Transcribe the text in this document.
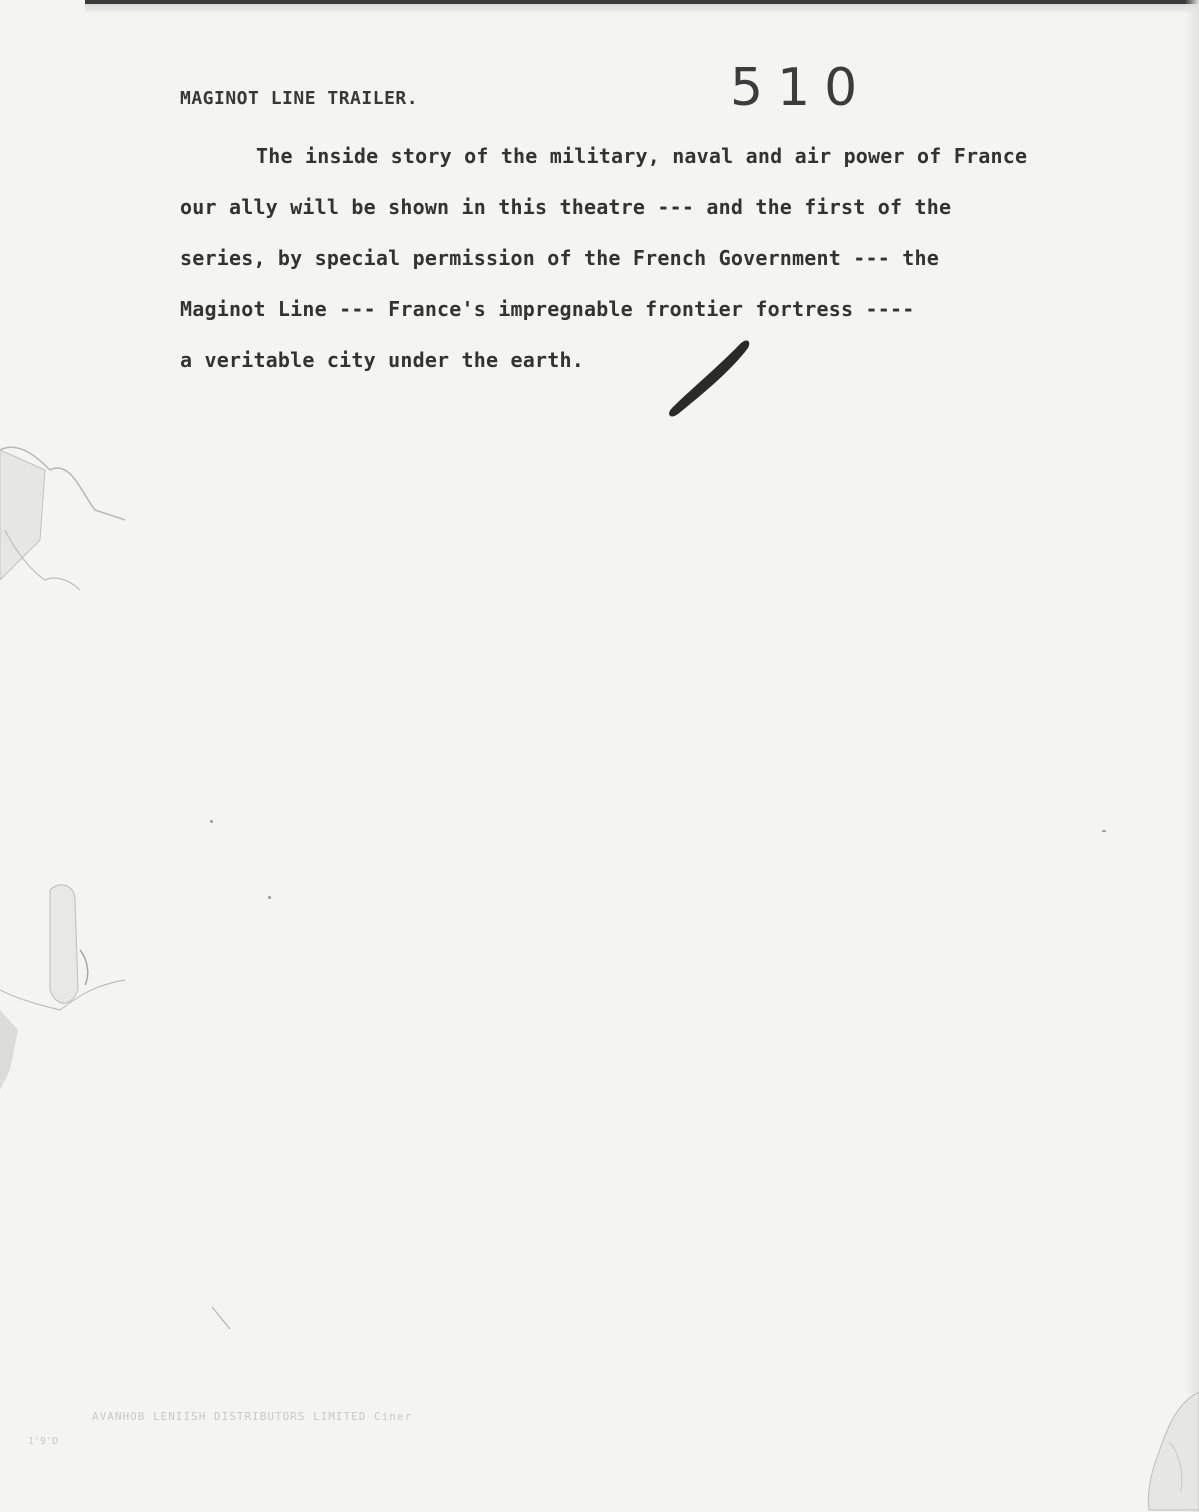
MAGINOT LINE TRAILER.	510
The inside story of the military, naval and air power of France
our ally will be shown in this theatre --- and the first of the
series, by special permission of the French Government --- the
Maginot Line --- France's impregnable frontier fortress ----
a veritable city under the earth.
AVANHOB LENIISH DISTRIBUTORS LIMITED Ciner
1'9'D
